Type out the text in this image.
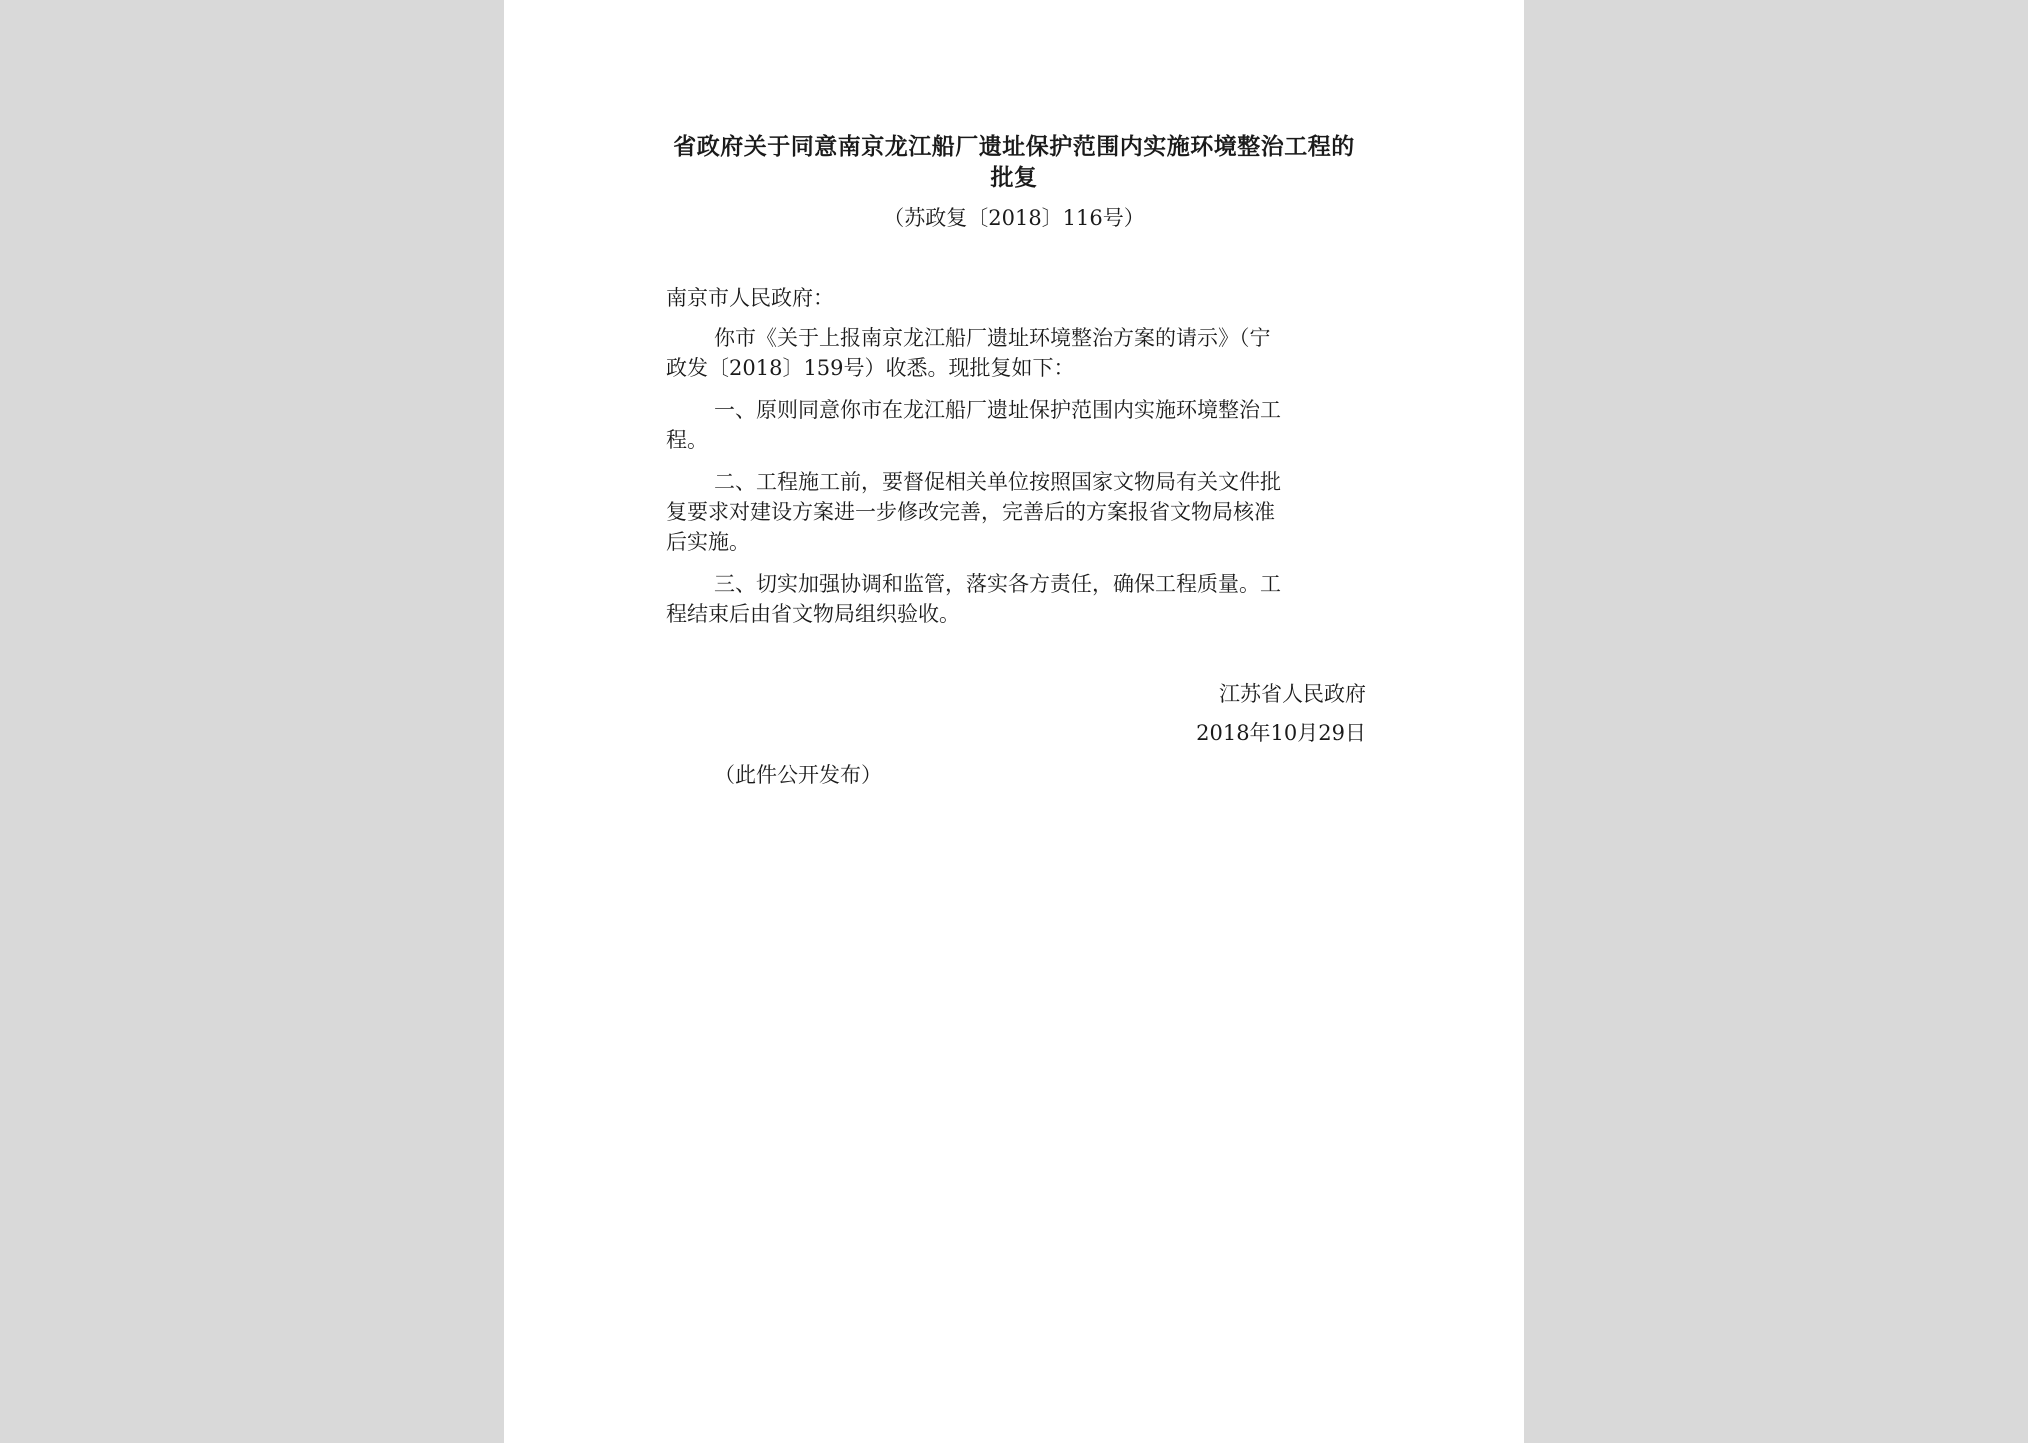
省政府关于同意南京龙江船厂遗址保护范围内实施环境整治工程的
批复
（苏政复〔2018〕116号）
南京市人民政府：
你市《关于上报南京龙江船厂遗址环境整治方案的请示》（宁
政发〔2018〕159号）收悉。现批复如下：
一、原则同意你市在龙江船厂遗址保护范围内实施环境整治工
程。
二、工程施工前，要督促相关单位按照国家文物局有关文件批
复要求对建设方案进一步修改完善，完善后的方案报省文物局核准
后实施。
三、切实加强协调和监管，落实各方责任，确保工程质量。工
程结束后由省文物局组织验收。
江苏省人民政府
2018年10月29日
（此件公开发布）
